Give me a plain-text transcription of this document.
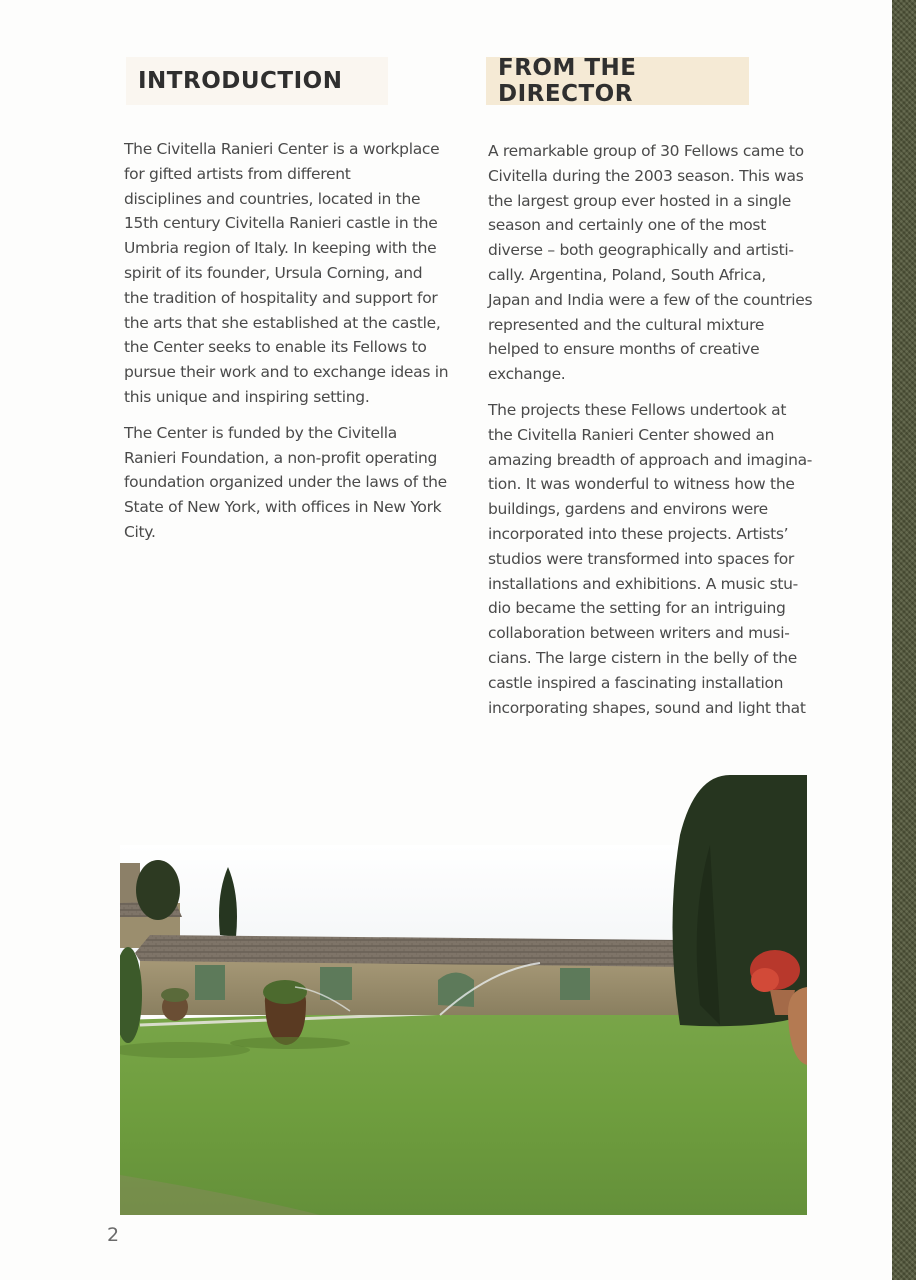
INTRODUCTION	FROM THE DIRECTOR

The Civitella Ranieri Center is a workplace
for gifted artists from different
disciplines and countries, located in the
15th century Civitella Ranieri castle in the
Umbria region of Italy. In keeping with the
spirit of its founder, Ursula Corning, and
the tradition of hospitality and support for
the arts that she established at the castle,
the Center seeks to enable its Fellows to
pursue their work and to exchange ideas in
this unique and inspiring setting.

The Center is funded by the Civitella
Ranieri Foundation, a non-profit operating
foundation organized under the laws of the
State of New York, with offices in New York
City.

A remarkable group of 30 Fellows came to
Civitella during the 2003 season. This was
the largest group ever hosted in a single
season and certainly one of the most
diverse – both geographically and artisti-
cally. Argentina, Poland, South Africa,
Japan and India were a few of the countries
represented and the cultural mixture
helped to ensure months of creative
exchange.

The projects these Fellows undertook at
the Civitella Ranieri Center showed an
amazing breadth of approach and imagina-
tion. It was wonderful to witness how the
buildings, gardens and environs were
incorporated into these projects. Artists’
studios were transformed into spaces for
installations and exhibitions. A music stu-
dio became the setting for an intriguing
collaboration between writers and musi-
cians. The large cistern in the belly of the
castle inspired a fascinating installation
incorporating shapes, sound and light that

2
